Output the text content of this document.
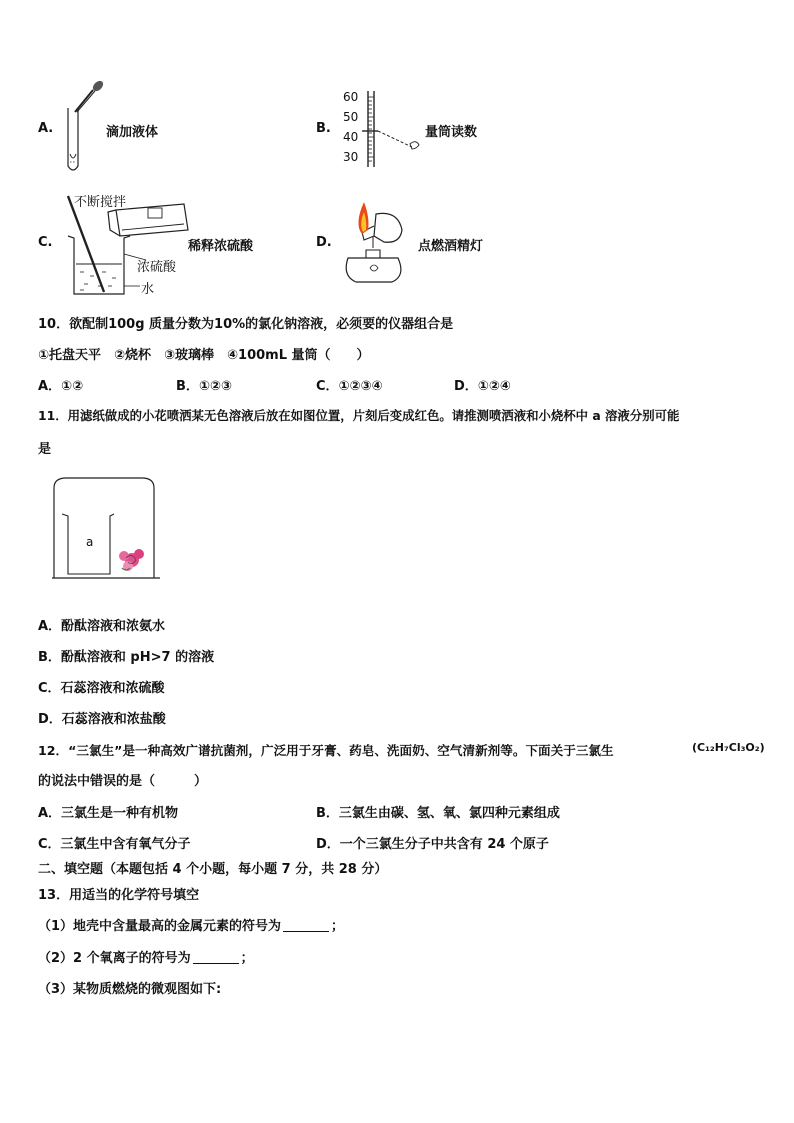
A.	滴加液体	B.
60
50
40
30
量筒读数
C.
不断搅拌
稀释浓硫酸
浓硫酸
水
D.	点燃酒精灯
10．欲配制100g 质量分数为10%的氯化钠溶液，必须要的仪器组合是
①托盘天平　②烧杯　③玻璃棒　④100mL 量筒（　　）
A．①②	B．①②③	C．①②③④	D．①②④
11．用滤纸做成的小花喷洒某无色溶液后放在如图位置，片刻后变成红色。请推测喷洒液和小烧杯中 a 溶液分别可能
是
a
A．酚酞溶液和浓氨水
B．酚酞溶液和 pH>7 的溶液
C．石蕊溶液和浓硫酸
D．石蕊溶液和浓盐酸
12．“三氯生”是一种高效广谱抗菌剂，广泛用于牙膏、药皂、洗面奶、空气清新剂等。下面关于三氯生	(C₁₂H₇Cl₃O₂)
的说法中错误的是（　　　）
A．三氯生是一种有机物	B．三氯生由碳、氢、氧、氯四种元素组成
C．三氯生中含有氧气分子	D．一个三氯生分子中共含有 24 个原子
二、填空题（本题包括 4 个小题，每小题 7 分，共 28 分）
13．用适当的化学符号填空
（1）地壳中含量最高的金属元素的符号为	；
（2）2 个氧离子的符号为	；
（3）某物质燃烧的微观图如下:
